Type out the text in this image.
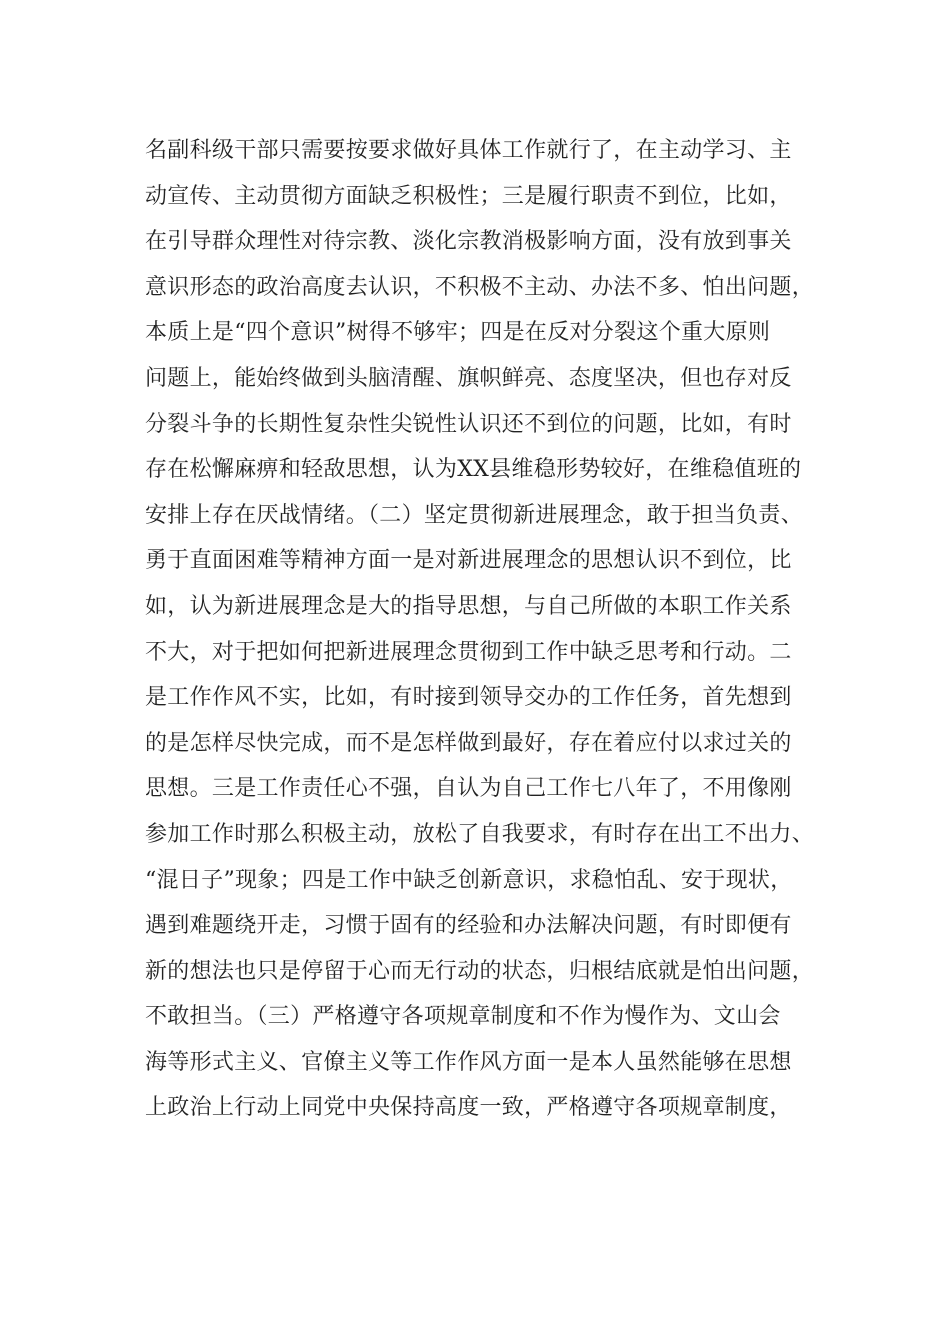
名副科级干部只需要按要求做好具体工作就行了，在主动学习、主
动宣传、主动贯彻方面缺乏积极性；三是履行职责不到位，比如，
在引导群众理性对待宗教、淡化宗教消极影响方面，没有放到事关
意识形态的政治高度去认识，不积极不主动、办法不多、怕出问题，
本质上是“四个意识”树得不够牢；四是在反对分裂这个重大原则
问题上，能始终做到头脑清醒、旗帜鲜亮、态度坚决，但也存对反
分裂斗争的长期性复杂性尖锐性认识还不到位的问题，比如，有时
存在松懈麻痹和轻敌思想，认为XX县维稳形势较好，在维稳值班的
安排上存在厌战情绪。（二）坚定贯彻新进展理念，敢于担当负责、
勇于直面困难等精神方面一是对新进展理念的思想认识不到位，比
如，认为新进展理念是大的指导思想，与自己所做的本职工作关系
不大，对于把如何把新进展理念贯彻到工作中缺乏思考和行动。二
是工作作风不实，比如，有时接到领导交办的工作任务，首先想到
的是怎样尽快完成，而不是怎样做到最好，存在着应付以求过关的
思想。三是工作责任心不强，自认为自己工作七八年了，不用像刚
参加工作时那么积极主动，放松了自我要求，有时存在出工不出力、
“混日子”现象；四是工作中缺乏创新意识，求稳怕乱、安于现状，
遇到难题绕开走，习惯于固有的经验和办法解决问题，有时即便有
新的想法也只是停留于心而无行动的状态，归根结底就是怕出问题，
不敢担当。（三）严格遵守各项规章制度和不作为慢作为、文山会
海等形式主义、官僚主义等工作作风方面一是本人虽然能够在思想
上政治上行动上同党中央保持高度一致，严格遵守各项规章制度，
